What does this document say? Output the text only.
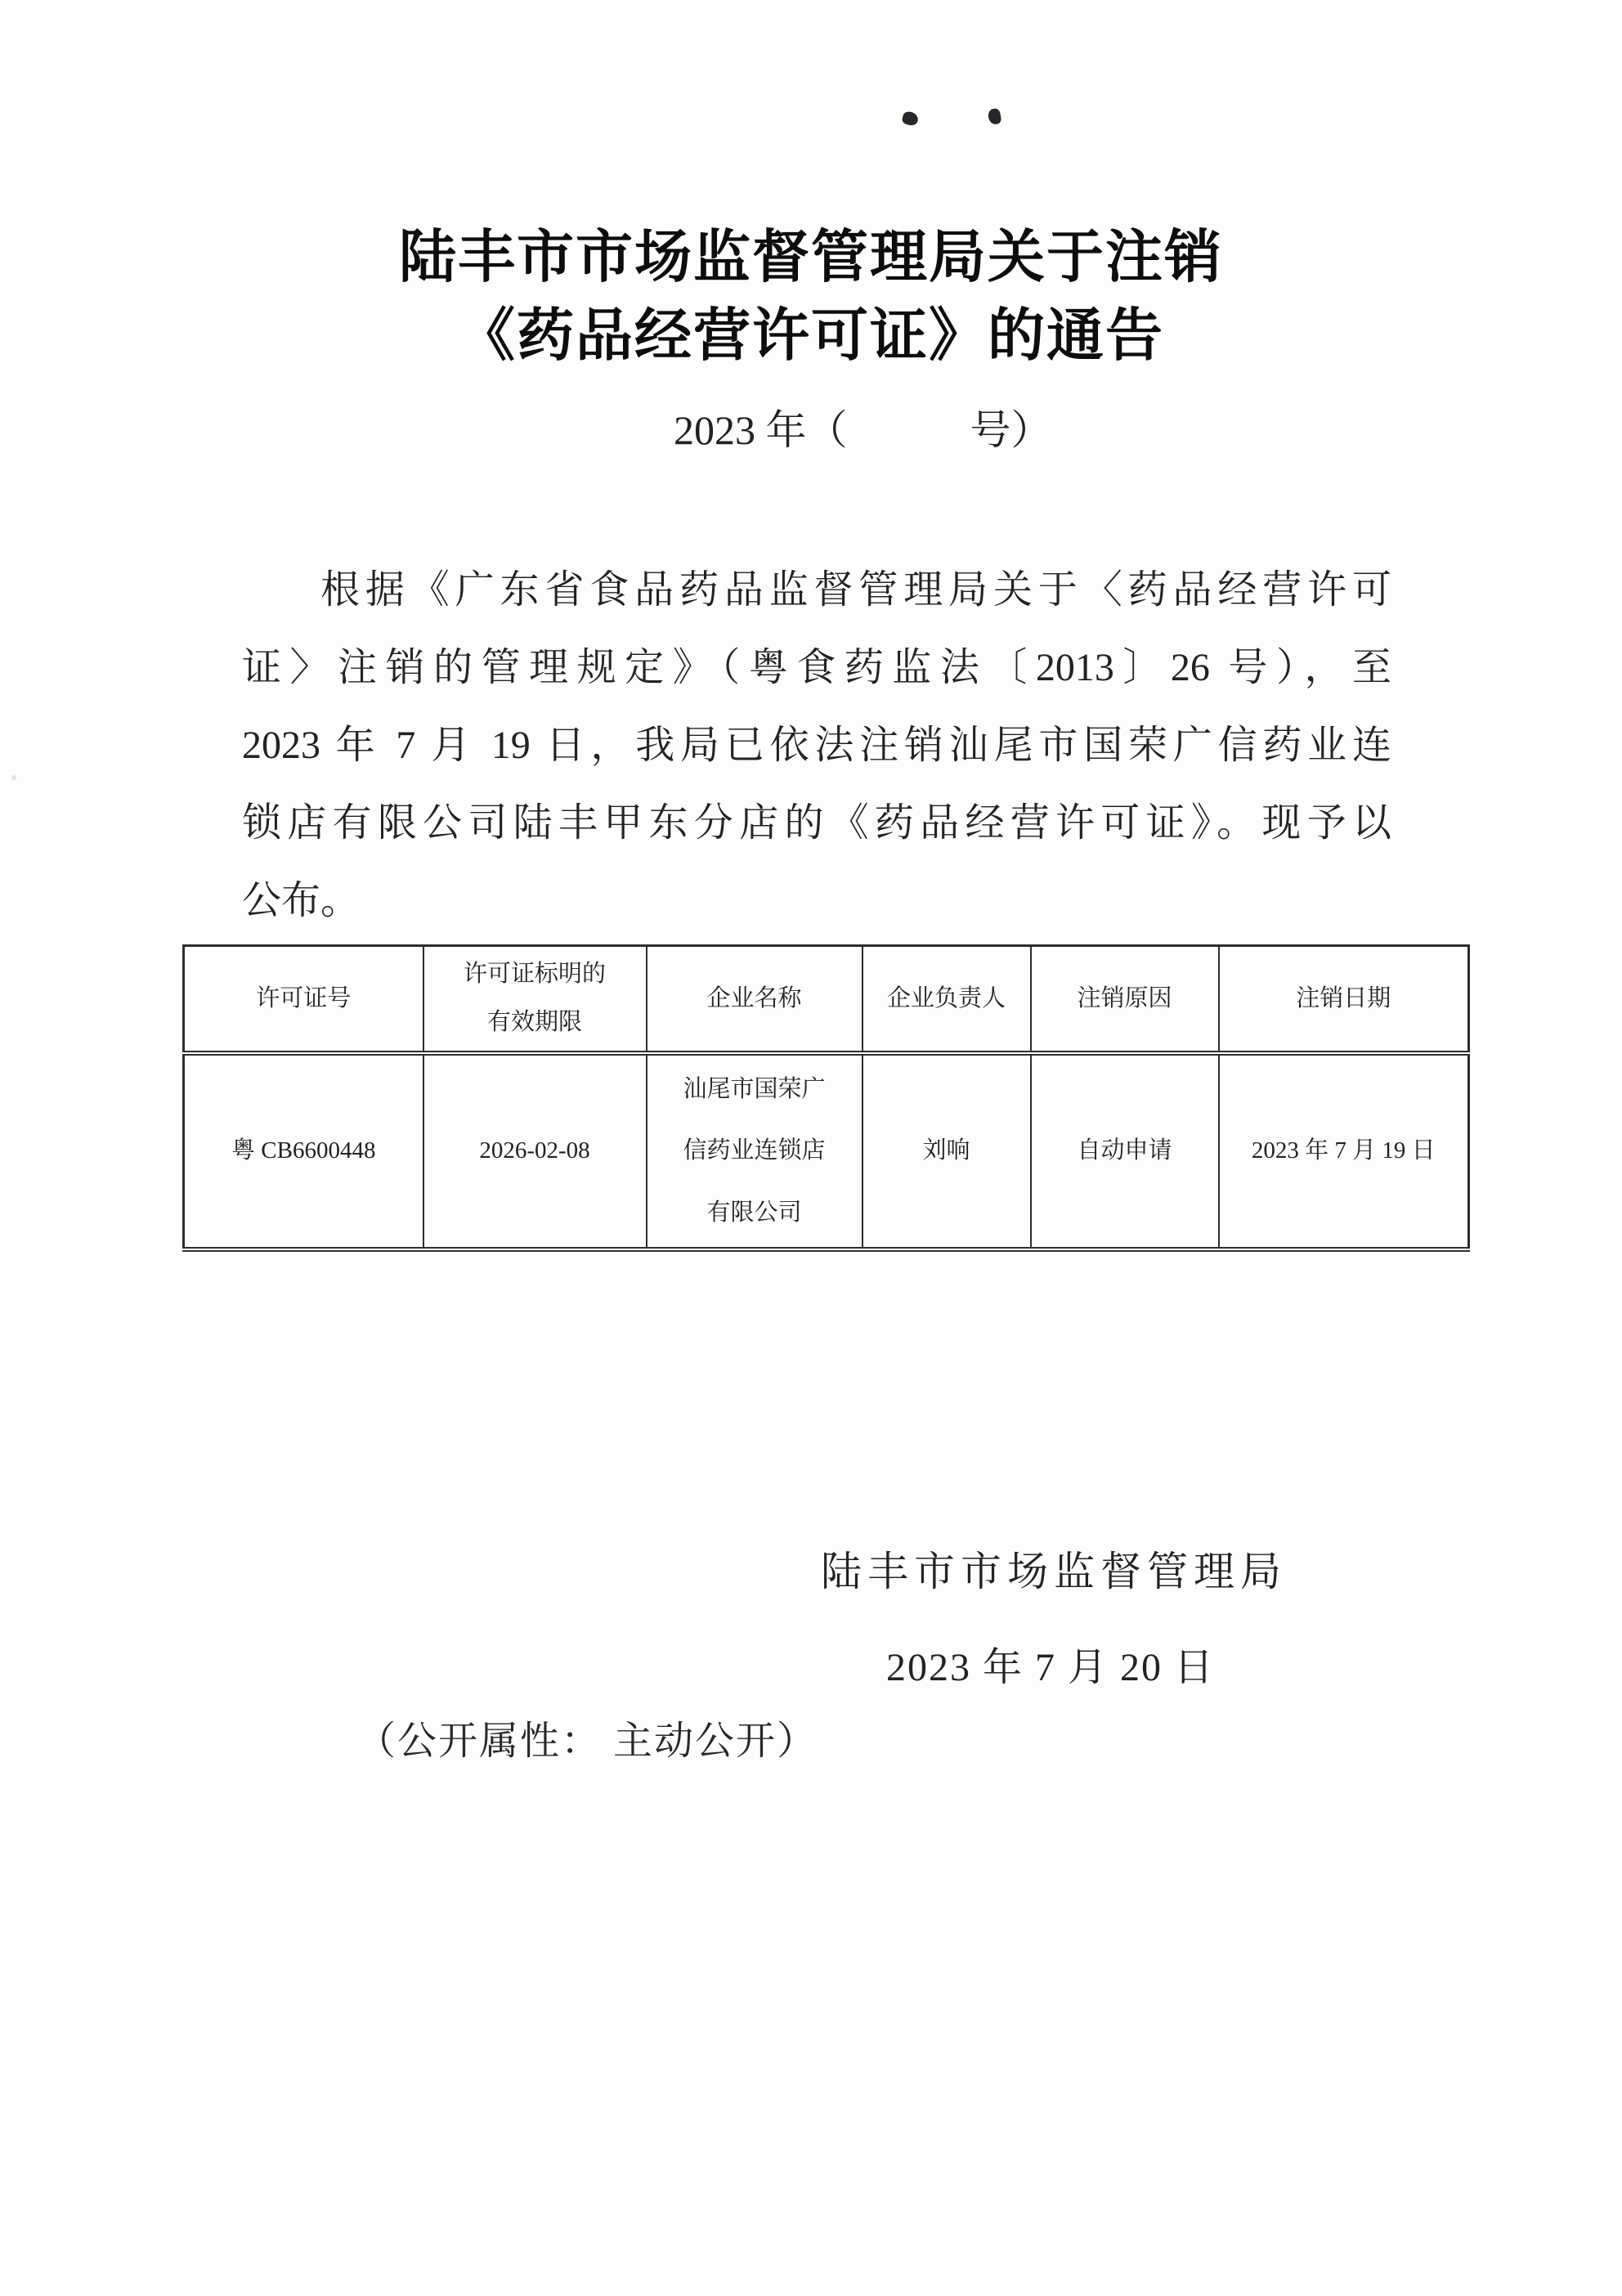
陆丰市市场监督管理局关于注销
《药品经营许可证》的通告
2023 年（　　　号）

根据《广东省食品药品监督管理局关于〈药品经营许可

证〉注销的管理规定》（粤食药监法〔2013〕26 号），至

2023 年 7 月 19 日，我局已依法注销汕尾市国荣广信药业连

锁店有限公司陆丰甲东分店的《药品经营许可证》。现予以

公布。

许可证号	许可证标明的有效期限	企业名称	企业负责人	注销原因	注销日期
粤 CB6600448	2026-02-08	汕尾市国荣广信药业连锁店有限公司	刘响	自动申请	2023 年 7 月 19 日
陆丰市市场监督管理局
2023 年 7 月 20 日
（公开属性： 主动公开）
